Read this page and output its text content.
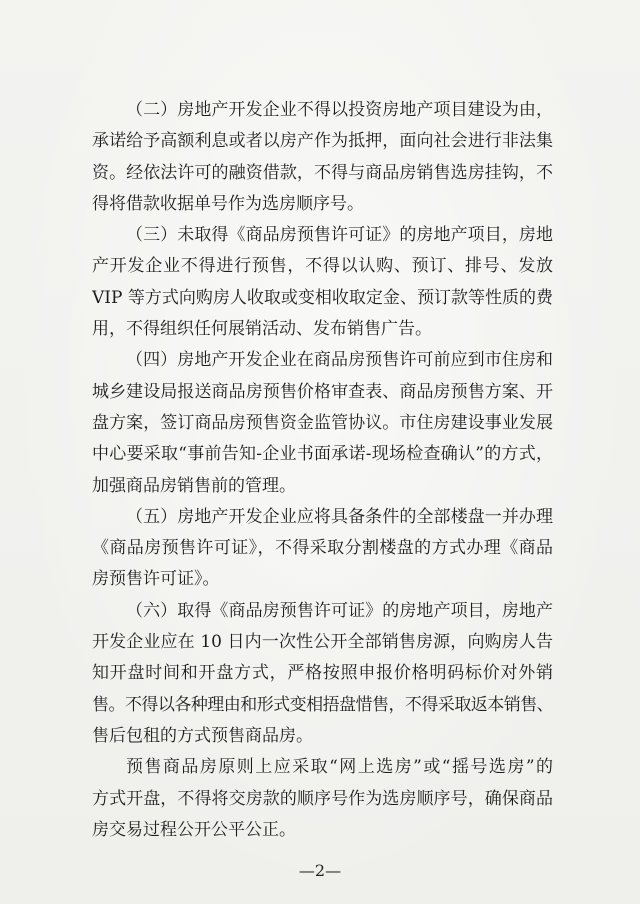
（二）房地产开发企业不得以投资房地产项目建设为由，
承诺给予高额利息或者以房产作为抵押，面向社会进行非法集
资。经依法许可的融资借款，不得与商品房销售选房挂钩，不
得将借款收据单号作为选房顺序号。
（三）未取得《商品房预售许可证》的房地产项目，房地
产开发企业不得进行预售，不得以认购、预订、排号、发放
VIP 等方式向购房人收取或变相收取定金、预订款等性质的费
用，不得组织任何展销活动、发布销售广告。
（四）房地产开发企业在商品房预售许可前应到市住房和
城乡建设局报送商品房预售价格审查表、商品房预售方案、开
盘方案，签订商品房预售资金监管协议。市住房建设事业发展
中心要采取“事前告知-企业书面承诺-现场检查确认”的方式，
加强商品房销售前的管理。
（五）房地产开发企业应将具备条件的全部楼盘一并办理
《商品房预售许可证》，不得采取分割楼盘的方式办理《商品
房预售许可证》。
（六）取得《商品房预售许可证》的房地产项目，房地产
开发企业应在 10 日内一次性公开全部销售房源，向购房人告
知开盘时间和开盘方式，严格按照申报价格明码标价对外销
售。不得以各种理由和形式变相捂盘惜售，不得采取返本销售、
售后包租的方式预售商品房。
预售商品房原则上应采取“网上选房”或“摇号选房”的
方式开盘，不得将交房款的顺序号作为选房顺序号，确保商品
房交易过程公开公平公正。
—2—
